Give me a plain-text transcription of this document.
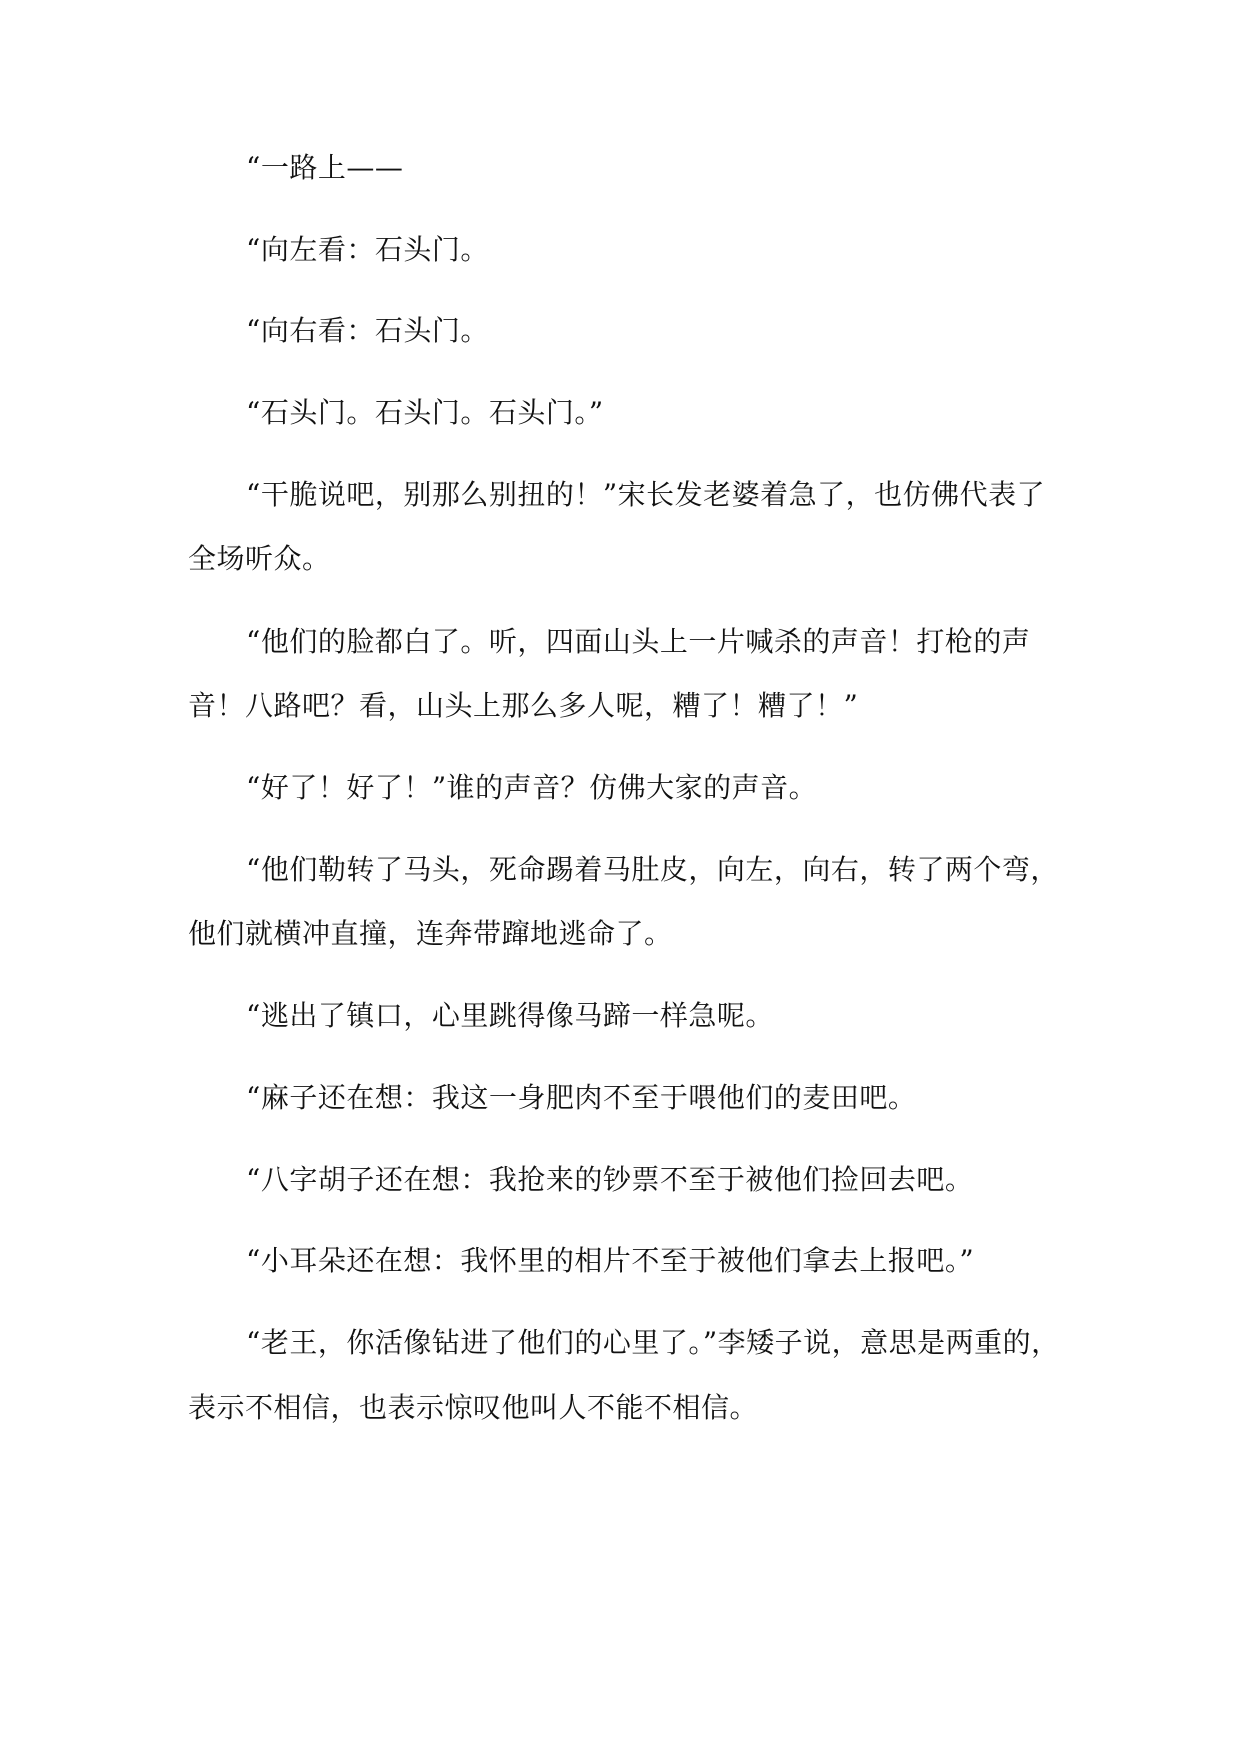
“一路上——
“向左看：石头门。
“向右看：石头门。
“石头门。石头门。石头门。”
“干脆说吧，别那么别扭的！”宋长发老婆着急了，也仿佛代表了
全场听众。
“他们的脸都白了。听，四面山头上一片喊杀的声音！打枪的声
音！八路吧？看，山头上那么多人呢，糟了！糟了！”
“好了！好了！”谁的声音？仿佛大家的声音。
“他们勒转了马头，死命踢着马肚皮，向左，向右，转了两个弯，
他们就横冲直撞，连奔带蹿地逃命了。
“逃出了镇口，心里跳得像马蹄一样急呢。
“麻子还在想：我这一身肥肉不至于喂他们的麦田吧。
“八字胡子还在想：我抢来的钞票不至于被他们捡回去吧。
“小耳朵还在想：我怀里的相片不至于被他们拿去上报吧。”
“老王，你活像钻进了他们的心里了。”李矮子说，意思是两重的，
表示不相信，也表示惊叹他叫人不能不相信。
